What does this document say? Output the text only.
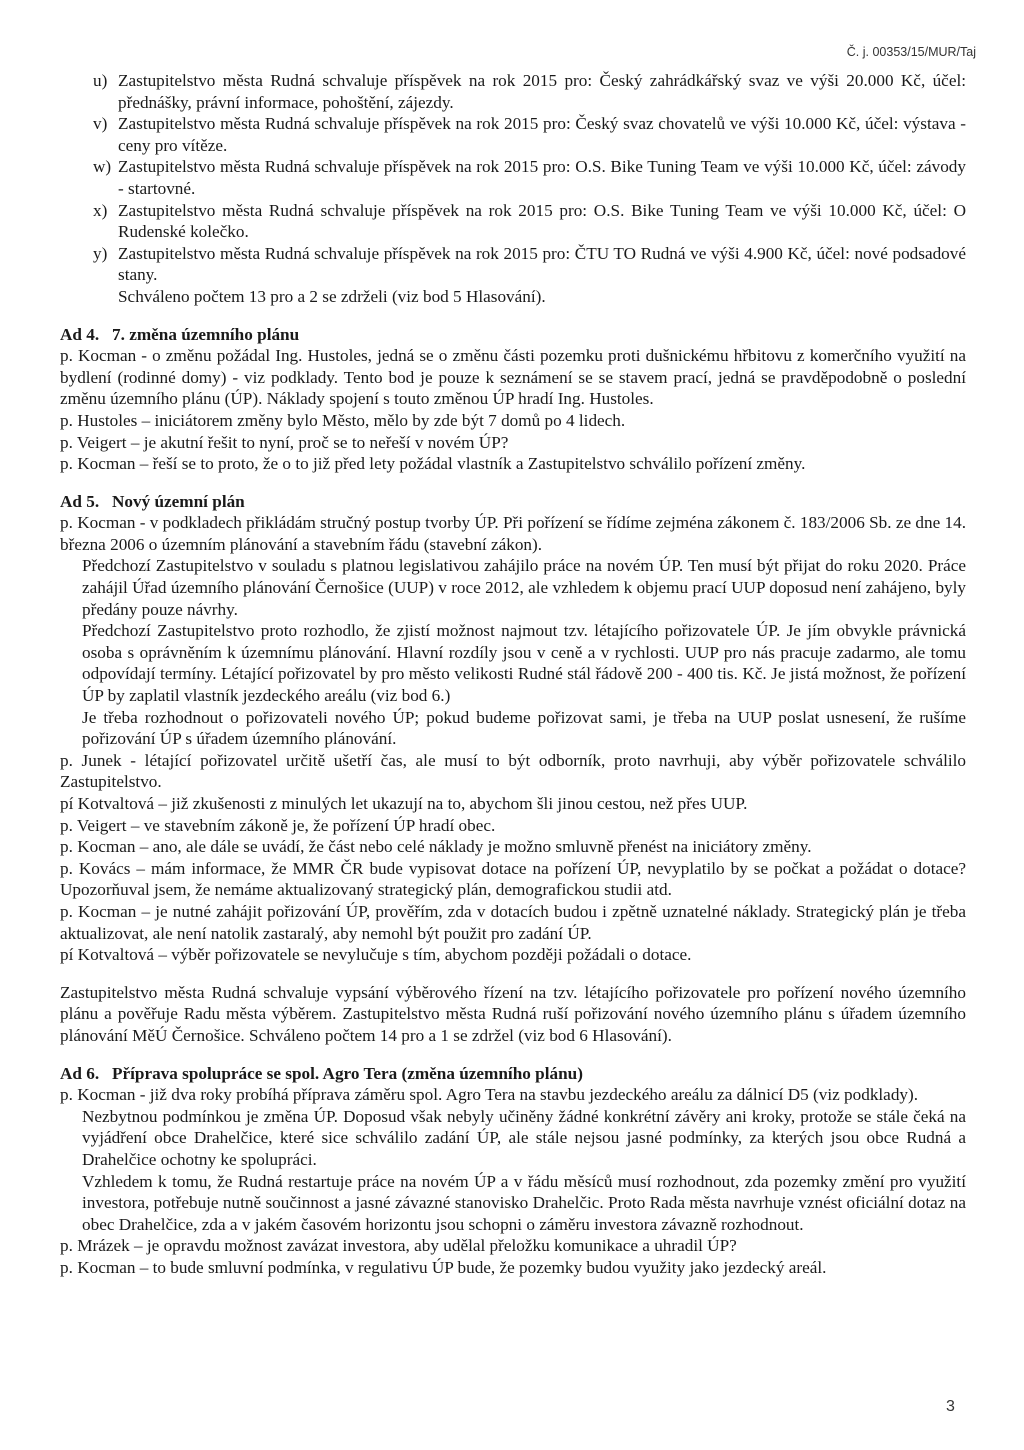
Č. j. 00353/15/MUR/Taj
u) Zastupitelstvo města Rudná schvaluje příspěvek na rok 2015 pro: Český zahrádkářský svaz ve výši 20.000 Kč, účel: přednášky, právní informace, pohoštění, zájezdy.
v) Zastupitelstvo města Rudná schvaluje příspěvek na rok 2015 pro: Český svaz chovatelů ve výši 10.000 Kč, účel: výstava - ceny pro vítěze.
w) Zastupitelstvo města Rudná schvaluje příspěvek na rok 2015 pro: O.S. Bike Tuning Team ve výši 10.000 Kč, účel: závody - startovné.
x) Zastupitelstvo města Rudná schvaluje příspěvek na rok 2015 pro: O.S. Bike Tuning Team ve výši 10.000 Kč, účel: O Rudenské kolečko.
y) Zastupitelstvo města Rudná schvaluje příspěvek na rok 2015 pro: ČTU TO Rudná ve výši 4.900 Kč, účel: nové podsadové stany.
Schváleno počtem 13 pro a 2 se zdrželi (viz bod 5 Hlasování).
Ad 4. 7. změna územního plánu
p. Kocman - o změnu požádal Ing. Hustoles, jedná se o změnu části pozemku proti dušnickému hřbitovu z komerčního využití na bydlení (rodinné domy) - viz podklady. Tento bod je pouze k seznámení se se stavem prací, jedná se pravděpodobně o poslední změnu územního plánu (ÚP). Náklady spojení s touto změnou ÚP hradí Ing. Hustoles.
p. Hustoles – iniciátorem změny bylo Město, mělo by zde být 7 domů po 4 lidech.
p. Veigert – je akutní řešit to nyní, proč se to neřeší v novém ÚP?
p. Kocman – řeší se to proto, že o to již před lety požádal vlastník a Zastupitelstvo schválilo pořízení změny.
Ad 5. Nový územní plán
p. Kocman - v podkladech přikládám stručný postup tvorby ÚP. Při pořízení se řídíme zejména zákonem č. 183/2006 Sb. ze dne 14. března 2006 o územním plánování a stavebním řádu (stavební zákon).
Předchozí Zastupitelstvo v souladu s platnou legislativou zahájilo práce na novém ÚP. Ten musí být přijat do roku 2020. Práce zahájil Úřad územního plánování Černošice (UUP) v roce 2012, ale vzhledem k objemu prací UUP doposud není zahájeno, byly předány pouze návrhy.
Předchozí Zastupitelstvo proto rozhodlo, že zjistí možnost najmout tzv. létajícího pořizovatele ÚP. Je jím obvykle právnická osoba s oprávněním k územnímu plánování. Hlavní rozdíly jsou v ceně a v rychlosti. UUP pro nás pracuje zadarmo, ale tomu odpovídají termíny. Létající pořizovatel by pro město velikosti Rudné stál řádově 200 - 400 tis. Kč. Je jistá možnost, že pořízení ÚP by zaplatil vlastník jezdeckého areálu (viz bod 6.)
Je třeba rozhodnout o pořizovateli nového ÚP; pokud budeme pořizovat sami, je třeba na UUP poslat usnesení, že rušíme pořizování ÚP s úřadem územního plánování.
p. Junek - létající pořizovatel určitě ušetří čas, ale musí to být odborník, proto navrhuji, aby výběr pořizovatele schválilo Zastupitelstvo.
pí Kotvaltová – již zkušenosti z minulých let ukazují na to, abychom šli jinou cestou, než přes UUP.
p. Veigert – ve stavebním zákoně je, že pořízení ÚP hradí obec.
p. Kocman – ano, ale dále se uvádí, že část nebo celé náklady je možno smluvně přenést na iniciátory změny.
p. Kovács – mám informace, že MMR ČR bude vypisovat dotace na pořízení ÚP, nevyplatilo by se počkat a požádat o dotace? Upozorňuval jsem, že nemáme aktualizovaný strategický plán, demografickou studii atd.
p. Kocman – je nutné zahájit pořizování ÚP, prověřím, zda v dotacích budou i zpětně uznatelné náklady. Strategický plán je třeba aktualizovat, ale není natolik zastaralý, aby nemohl být použit pro zadání ÚP.
pí Kotvaltová – výběr pořizovatele se nevylučuje s tím, abychom později požádali o dotace.
Zastupitelstvo města Rudná schvaluje vypsání výběrového řízení na tzv. létajícího pořizovatele pro pořízení nového územního plánu a pověřuje Radu města výběrem. Zastupitelstvo města Rudná ruší pořizování nového územního plánu s úřadem územního plánování MěÚ Černošice. Schváleno počtem 14 pro a 1 se zdržel (viz bod 6 Hlasování).
Ad 6. Příprava spolupráce se spol. Agro Tera (změna územního plánu)
p. Kocman - již dva roky probíhá příprava záměru spol. Agro Tera na stavbu jezdeckého areálu za dálnicí D5 (viz podklady).
Nezbytnou podmínkou je změna ÚP. Doposud však nebyly učiněny žádné konkrétní závěry ani kroky, protože se stále čeká na vyjádření obce Drahelčice, které sice schválilo zadání ÚP, ale stále nejsou jasné podmínky, za kterých jsou obce Rudná a Drahelčice ochotny ke spolupráci.
Vzhledem k tomu, že Rudná restartuje práce na novém ÚP a v řádu měsíců musí rozhodnout, zda pozemky změní pro využití investora, potřebuje nutně součinnost a jasné závazné stanovisko Drahelčic. Proto Rada města navrhuje vznést oficiální dotaz na obec Drahelčice, zda a v jakém časovém horizontu jsou schopni o záměru investora závazně rozhodnout.
p. Mrázek – je opravdu možnost zavázat investora, aby udělal přeložku komunikace a uhradil ÚP?
p. Kocman – to bude smluvní podmínka, v regulativu ÚP bude, že pozemky budou využity jako jezdecký areál.
3
